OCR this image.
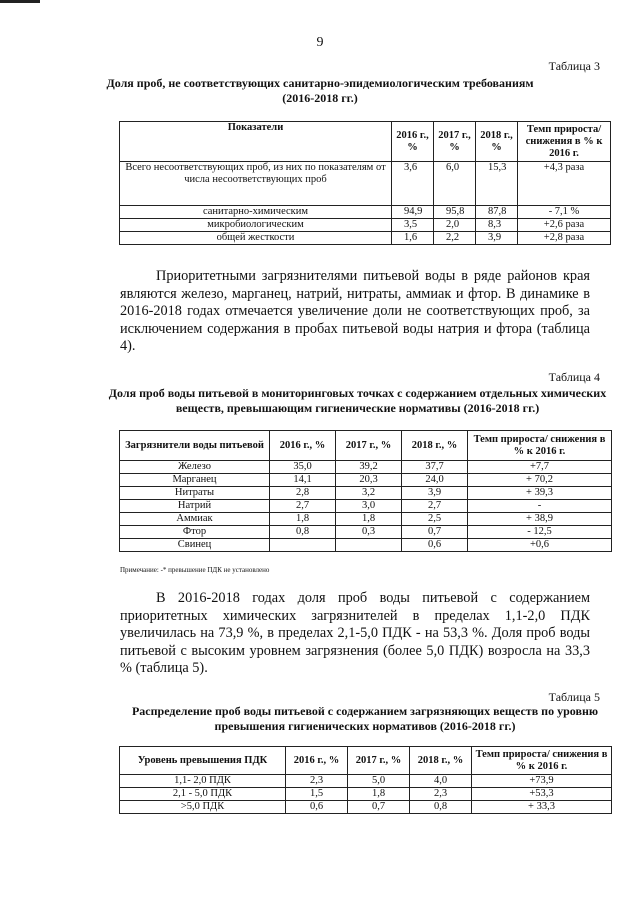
9
Таблица 3
Доля проб, не соответствующих санитарно-эпидемиологическим требованиям (2016-2018 гг.)
Показатели	2016 г., %	2017 г., %	2018 г., %	Темп прироста/ снижения в % к 2016 г.
Всего несоответствующих проб, из них по показателям от числа несоответствующих проб	3,6	6,0	15,3	+4,3 раза
санитарно-химическим	94,9	95,8	87,8	- 7,1 %
микробиологическим	3,5	2,0	8,3	+2,6 раза
общей жесткости	1,6	2,2	3,9	+2,8 раза

Приоритетными загрязнителями питьевой воды в ряде районов края являются железо, марганец, натрий, нитраты, аммиак и фтор. В динамике в 2016-2018 годах отмечается увеличение доли не соответствующих проб, за исключением содержания в пробах питьевой воды натрия и фтора (таблица 4).

Таблица 4
Доля проб воды питьевой в мониторинговых точках с содержанием отдельных химических веществ, превышающим гигиенические нормативы (2016-2018 гг.)
Загрязнители воды питьевой	2016 г., %	2017 г., %	2018 г., %	Темп прироста/ снижения в % к 2016 г.
Железо	35,0	39,2	37,7	+7,7
Марганец	14,1	20,3	24,0	+ 70,2
Нитраты	2,8	3,2	3,9	+ 39,3
Натрий	2,7	3,0	2,7	-
Аммиак	1,8	1,8	2,5	+ 38,9
Фтор	0,8	0,3	0,7	- 12,5
Свинец			0,6	+0,6
Примечание: -* превышение ПДК не установлено

В 2016-2018 годах доля проб воды питьевой с содержанием приоритетных химических загрязнителей в пределах 1,1-2,0 ПДК увеличилась на 73,9 %, в пределах 2,1-5,0 ПДК - на 53,3 %. Доля проб воды питьевой с высоким уровнем загрязнения (более 5,0 ПДК) возросла на 33,3 % (таблица 5).

Таблица 5
Распределение проб воды питьевой с содержанием загрязняющих веществ по уровню превышения гигиенических нормативов (2016-2018 гг.)
Уровень превышения ПДК	2016 г., %	2017 г., %	2018 г., %	Темп прироста/ снижения в % к 2016 г.
1,1- 2,0 ПДК	2,3	5,0	4,0	+73,9
2,1 - 5,0 ПДК	1,5	1,8	2,3	+53,3
>5,0 ПДК	0,6	0,7	0,8	+ 33,3
